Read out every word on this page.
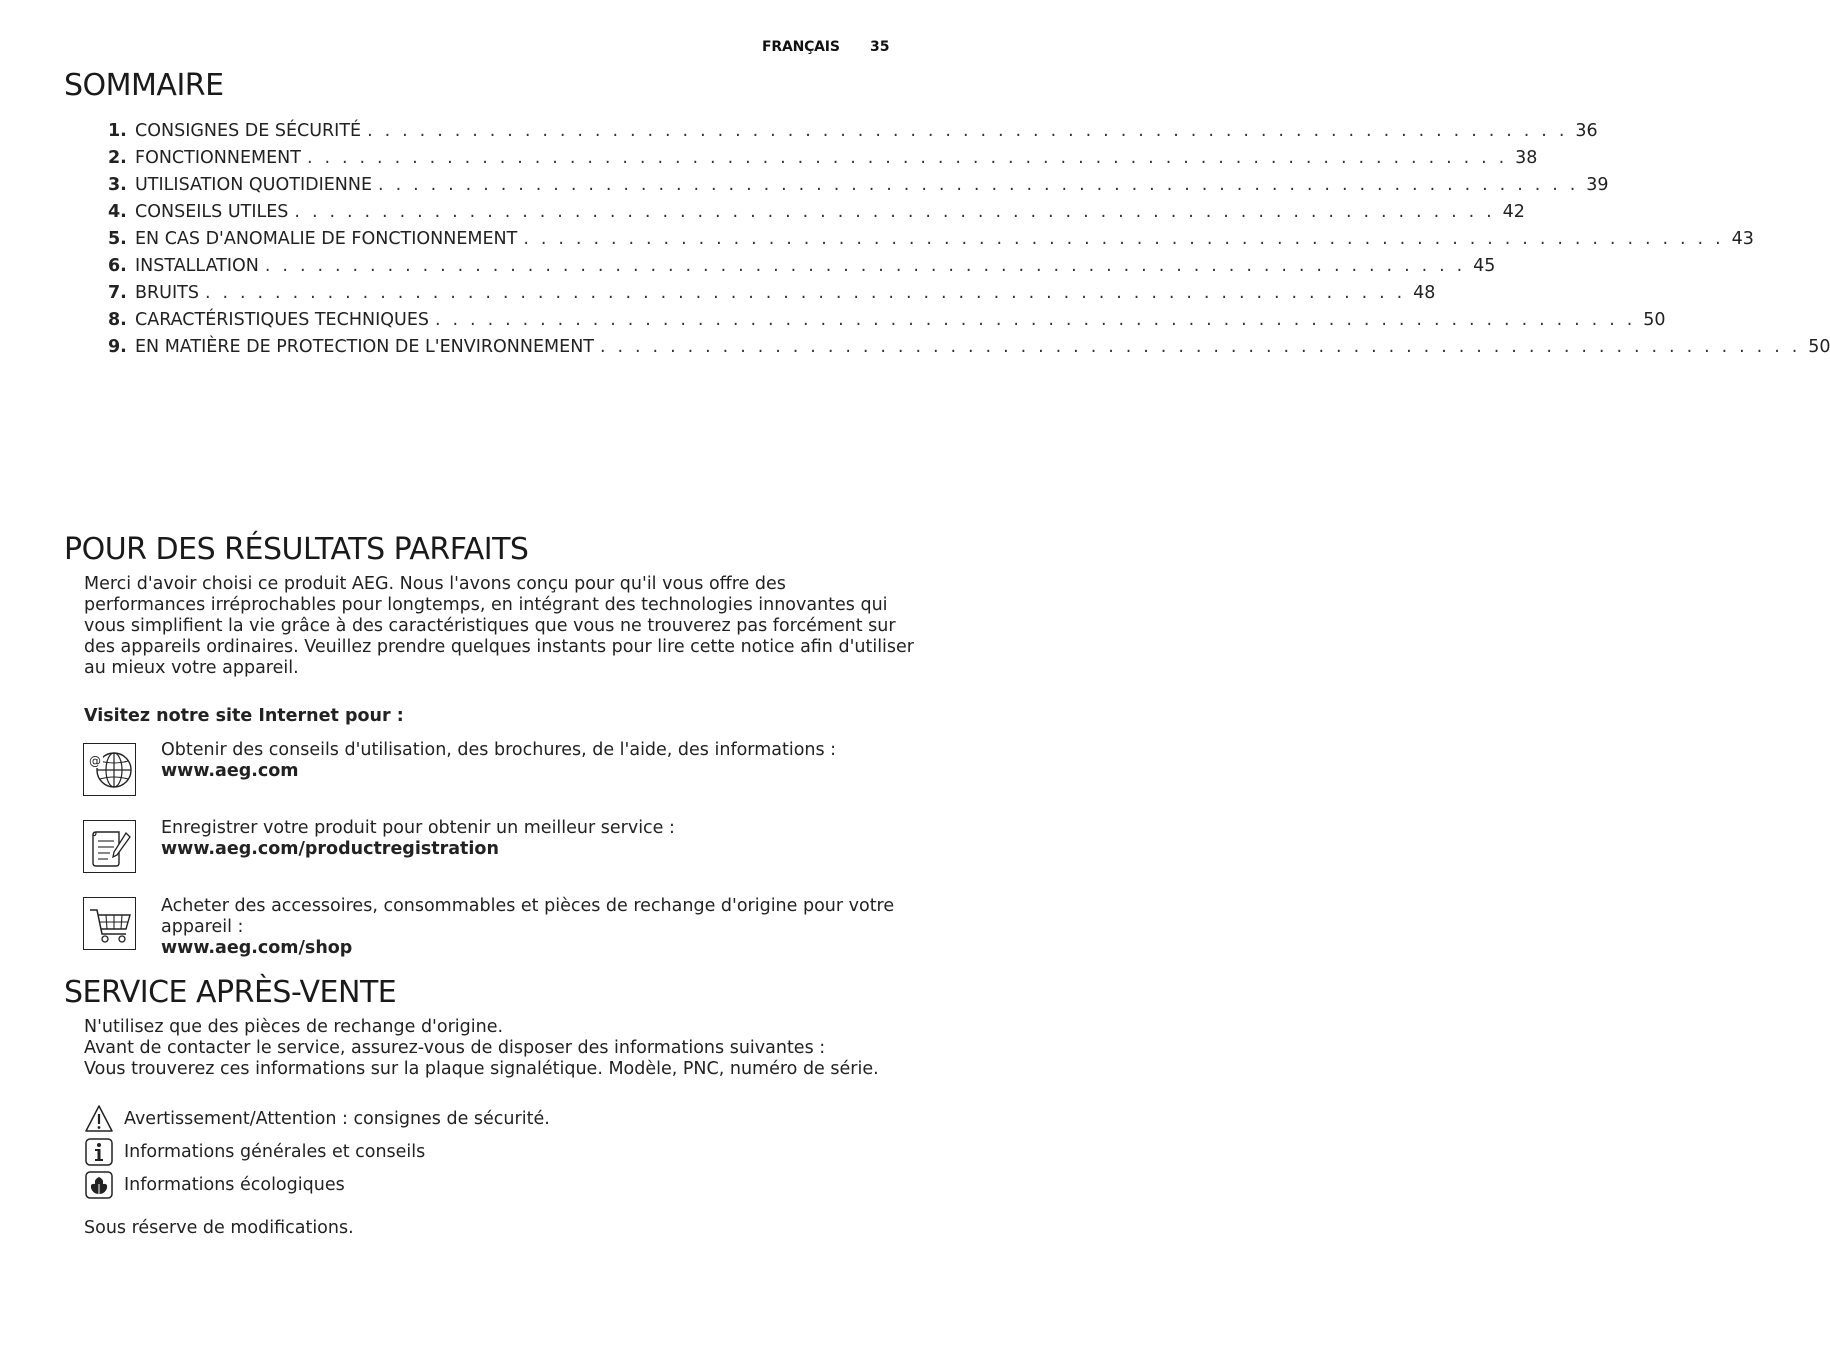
FRANÇAIS 35
SOMMAIRE
1. CONSIGNES DE SÉCURITÉ . . . . . . . . . . . . . . . . . . . . . . . . . . . . . . . . . . . . . . . . . . . . . . . . . . . . . . . . . . . . . . . . . . . . . 36
2. FONCTIONNEMENT . . . . . . . . . . . . . . . . . . . . . . . . . . . . . . . . . . . . . . . . . . . . . . . . . . . . . . . . . . . . . . . . . . . . . 38
3. UTILISATION QUOTIDIENNE . . . . . . . . . . . . . . . . . . . . . . . . . . . . . . . . . . . . . . . . . . . . . . . . . . . . . . . . . . . . . . . . . . . . . 39
4. CONSEILS UTILES . . . . . . . . . . . . . . . . . . . . . . . . . . . . . . . . . . . . . . . . . . . . . . . . . . . . . . . . . . . . . . . . . . . . . 42
5. EN CAS D'ANOMALIE DE FONCTIONNEMENT . . . . . . . . . . . . . . . . . . . . . . . . . . . . . . . . . . . . . . . . . . . . . . . . . . . . . . . . . . . . . . . . . . . . . 43
6. INSTALLATION . . . . . . . . . . . . . . . . . . . . . . . . . . . . . . . . . . . . . . . . . . . . . . . . . . . . . . . . . . . . . . . . . . . . . 45
7. BRUITS . . . . . . . . . . . . . . . . . . . . . . . . . . . . . . . . . . . . . . . . . . . . . . . . . . . . . . . . . . . . . . . . . . . . . 48
8. CARACTÉRISTIQUES TECHNIQUES . . . . . . . . . . . . . . . . . . . . . . . . . . . . . . . . . . . . . . . . . . . . . . . . . . . . . . . . . . . . . . . . . . . . . 50
9. EN MATIÈRE DE PROTECTION DE L'ENVIRONNEMENT . . . . . . . . . . . . . . . . . . . . . . . . . . . . . . . . . . . . . . . . . . . . . . . . . . . . . . . . . . . . . . . . . . . . . 50
POUR DES RÉSULTATS PARFAITS
Merci d'avoir choisi ce produit AEG. Nous l'avons conçu pour qu'il vous offre des
performances irréprochables pour longtemps, en intégrant des technologies innovantes qui
vous simplifient la vie grâce à des caractéristiques que vous ne trouverez pas forcément sur
des appareils ordinaires. Veuillez prendre quelques instants pour lire cette notice afin d'utiliser
au mieux votre appareil.
Visitez notre site Internet pour :
@
Obtenir des conseils d'utilisation, des brochures, de l'aide, des informations :
www.aeg.com
Enregistrer votre produit pour obtenir un meilleur service :
www.aeg.com/productregistration
Acheter des accessoires, consommables et pièces de rechange d'origine pour votre
appareil :
www.aeg.com/shop
SERVICE APRÈS-VENTE
N'utilisez que des pièces de rechange d'origine.
Avant de contacter le service, assurez-vous de disposer des informations suivantes :
Vous trouverez ces informations sur la plaque signalétique. Modèle, PNC, numéro de série.
Avertissement/Attention : consignes de sécurité.
Informations générales et conseils
Informations écologiques
Sous réserve de modifications.
